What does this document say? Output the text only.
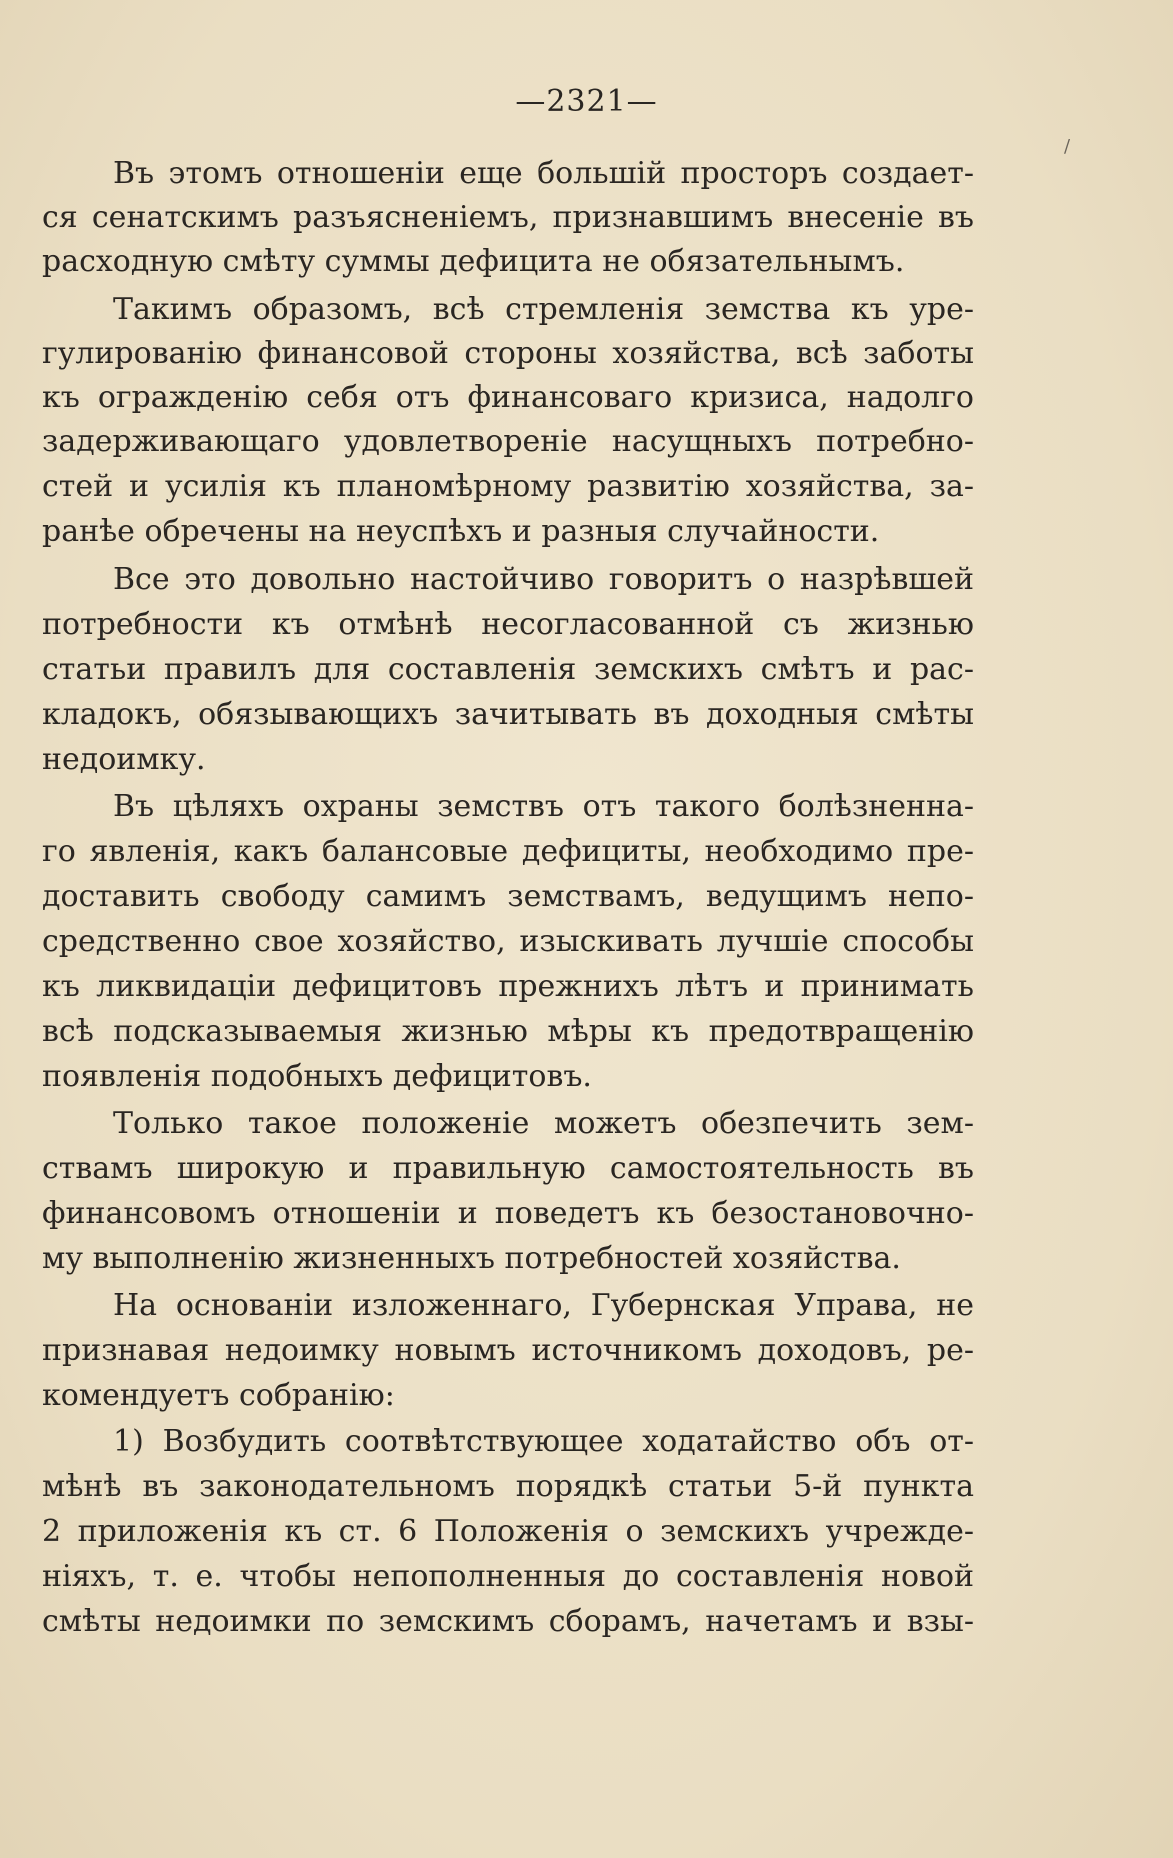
—2321—
Въ этомъ отношеніи еще большій просторъ создает-
ся сенатскимъ разъясненіемъ, признавшимъ внесеніе въ
расходную смѣту суммы дефицита не обязательнымъ.
Такимъ образомъ, всѣ стремленія земства къ уре-
гулированію финансовой стороны хозяйства, всѣ заботы
къ огражденію себя отъ финансоваго кризиса, надолго
задерживающаго удовлетвореніе насущныхъ потребно-
стей и усилія къ планомѣрному развитію хозяйства, за-
ранѣе обречены на неуспѣхъ и разныя случайности.
Все это довольно настойчиво говоритъ о назрѣвшей
потребности къ отмѣнѣ несогласованной съ жизнью
статьи правилъ для составленія земскихъ смѣтъ и рас-
кладокъ, обязывающихъ зачитывать въ доходныя смѣты
недоимку.
Въ цѣляхъ охраны земствъ отъ такого болѣзненна-
го явленія, какъ балансовые дефициты, необходимо пре-
доставить свободу самимъ земствамъ, ведущимъ непо-
средственно свое хозяйство, изыскивать лучшіе способы
къ ликвидаціи дефицитовъ прежнихъ лѣтъ и принимать
всѣ подсказываемыя жизнью мѣры къ предотвращенію
появленія подобныхъ дефицитовъ.
Только такое положеніе можетъ обезпечить зем-
ствамъ широкую и правильную самостоятельность въ
финансовомъ отношеніи и поведетъ къ безостановочно-
му выполненію жизненныхъ потребностей хозяйства.
На основаніи изложеннаго, Губернская Управа, не
признавая недоимку новымъ источникомъ доходовъ, ре-
комендуетъ собранію:
1) Возбудить соотвѣтствующее ходатайство объ от-
мѣнѣ въ законодательномъ порядкѣ статьи 5-й пункта
2 приложенія къ ст. 6 Положенія о земскихъ учрежде-
ніяхъ, т. е. чтобы непополненныя до составленія новой
смѣты недоимки по земскимъ сборамъ, начетамъ и взы-
/
